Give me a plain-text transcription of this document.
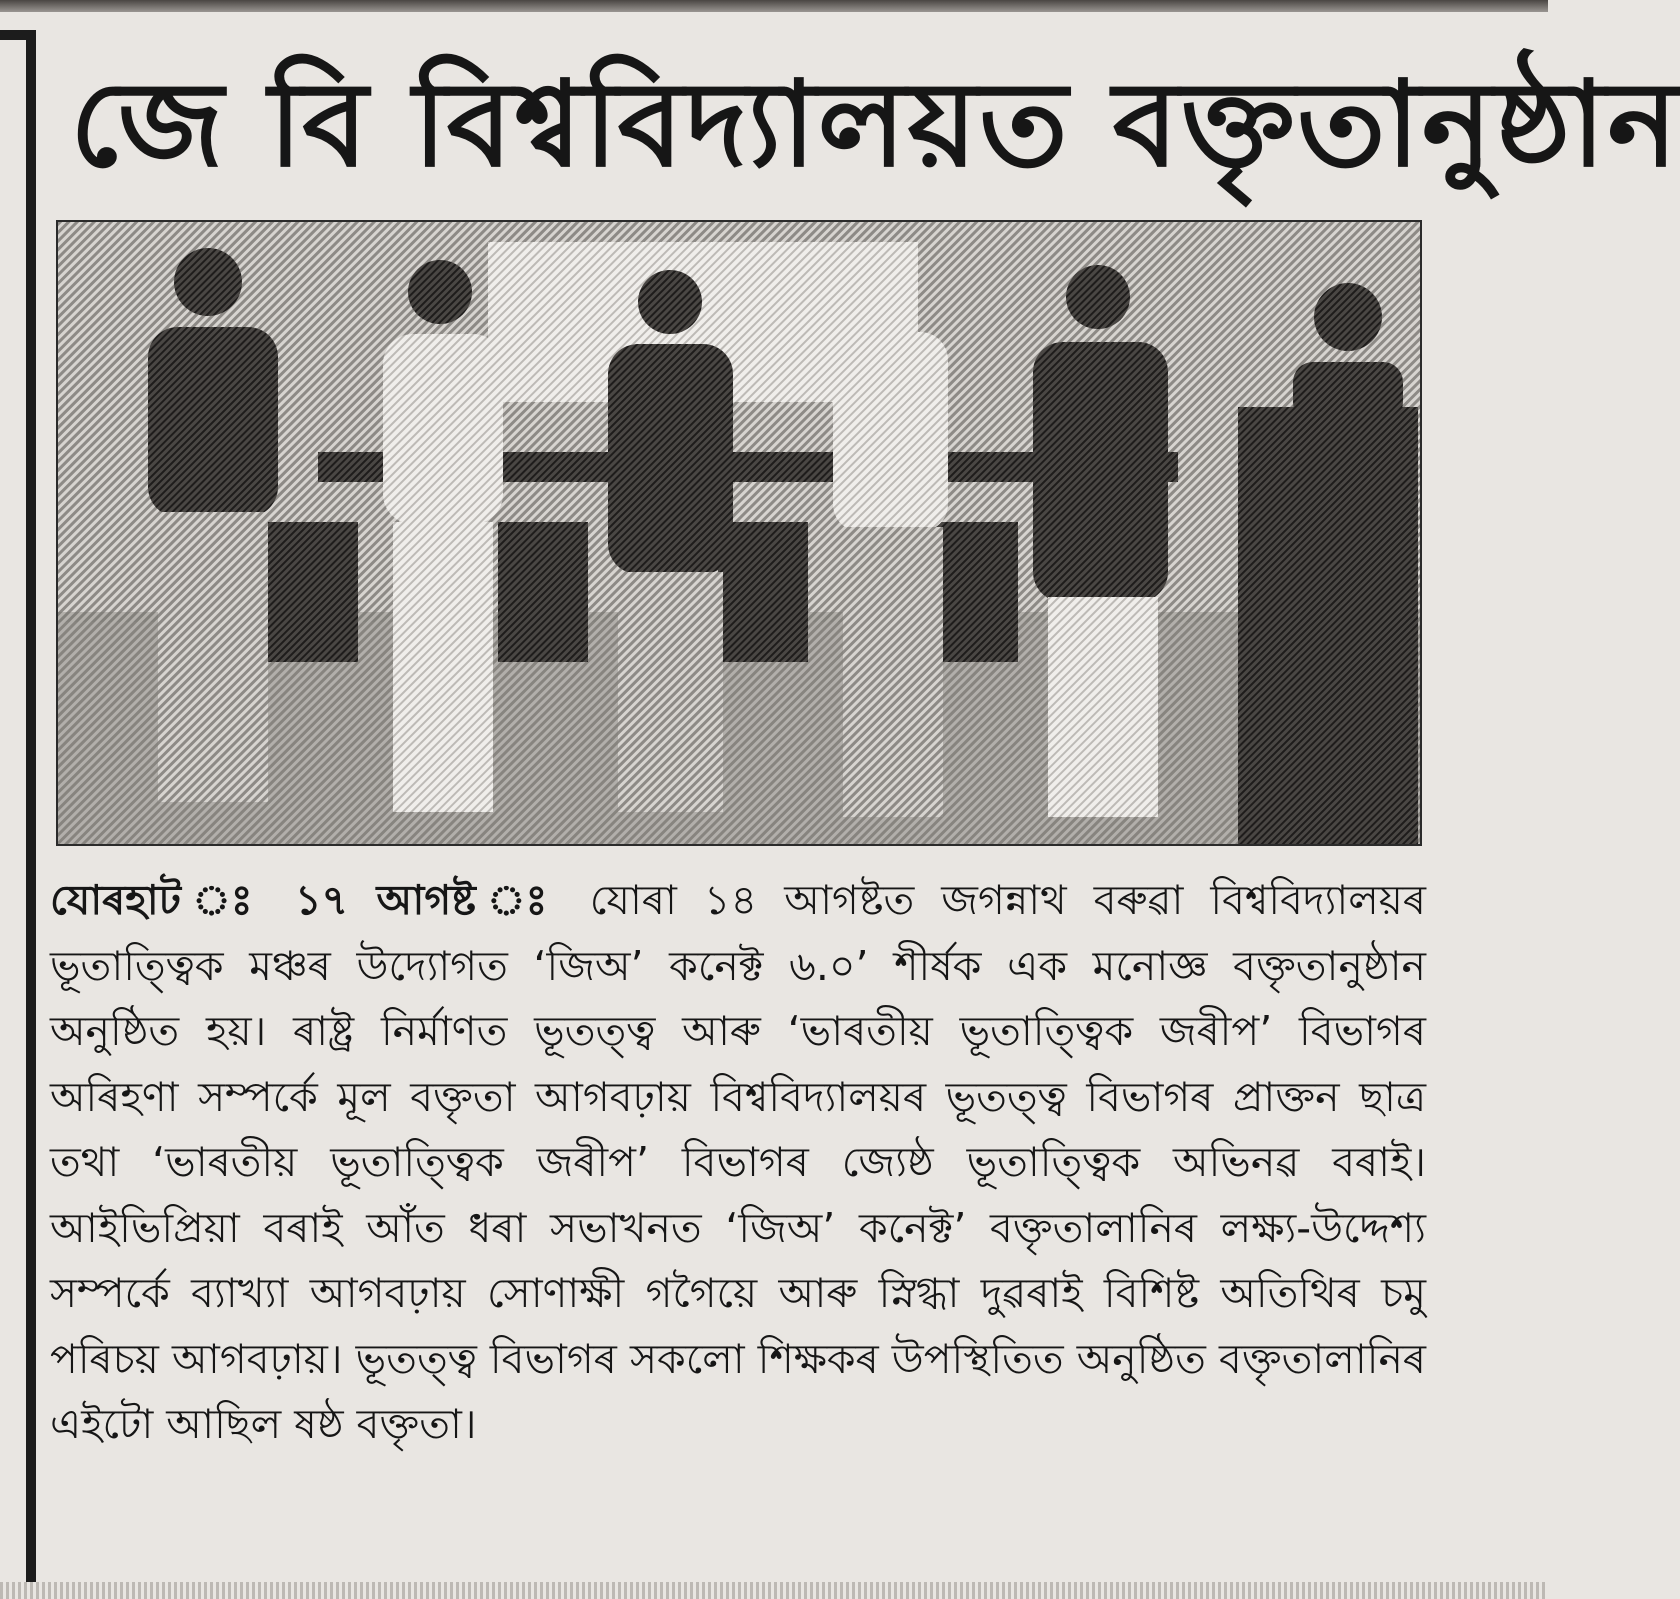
জে বি বিশ্ববিদ্যালয়ত বক্তৃতানুষ্ঠান
যোৰহাট ঃ ১৭ আগষ্ট ঃ যোৰা ১৪ আগষ্টত জগন্নাথ বৰুৱা বিশ্ববিদ্যালয়ৰ ভূতাত্ত্বিক মঞ্চৰ উদ্যোগত ‘জিঅ’ কনেক্ট ৬.০’ শীৰ্ষক এক মনোজ্ঞ বক্তৃতানুষ্ঠান অনুষ্ঠিত হয়। ৰাষ্ট্ৰ নিৰ্মাণত ভূতত্ত্ব আৰু ‘ভাৰতীয় ভূতাত্ত্বিক জৰীপ’ বিভাগৰ অৰিহণা সম্পৰ্কে মূল বক্তৃতা আগবঢ়ায় বিশ্ববিদ্যালয়ৰ ভূতত্ত্ব বিভাগৰ প্ৰাক্তন ছাত্ৰ তথা ‘ভাৰতীয় ভূতাত্ত্বিক জৰীপ’ বিভাগৰ জ্যেষ্ঠ ভূতাত্ত্বিক অভিনৱ বৰাই। আইভিপ্ৰিয়া বৰাই আঁত ধৰা সভাখনত ‘জিঅ’ কনেক্ট’ বক্তৃতালানিৰ লক্ষ্য-উদ্দেশ্য সম্পৰ্কে ব্যাখ্যা আগবঢ়ায় সোণাক্ষী গগৈয়ে আৰু স্নিগ্ধা দুৱৰাই বিশিষ্ট অতিথিৰ চমু পৰিচয় আগবঢ়ায়। ভূতত্ত্ব বিভাগৰ সকলো শিক্ষকৰ উপস্থিতিত অনুষ্ঠিত বক্তৃতালানিৰ এইটো আছিল ষষ্ঠ বক্তৃতা।
